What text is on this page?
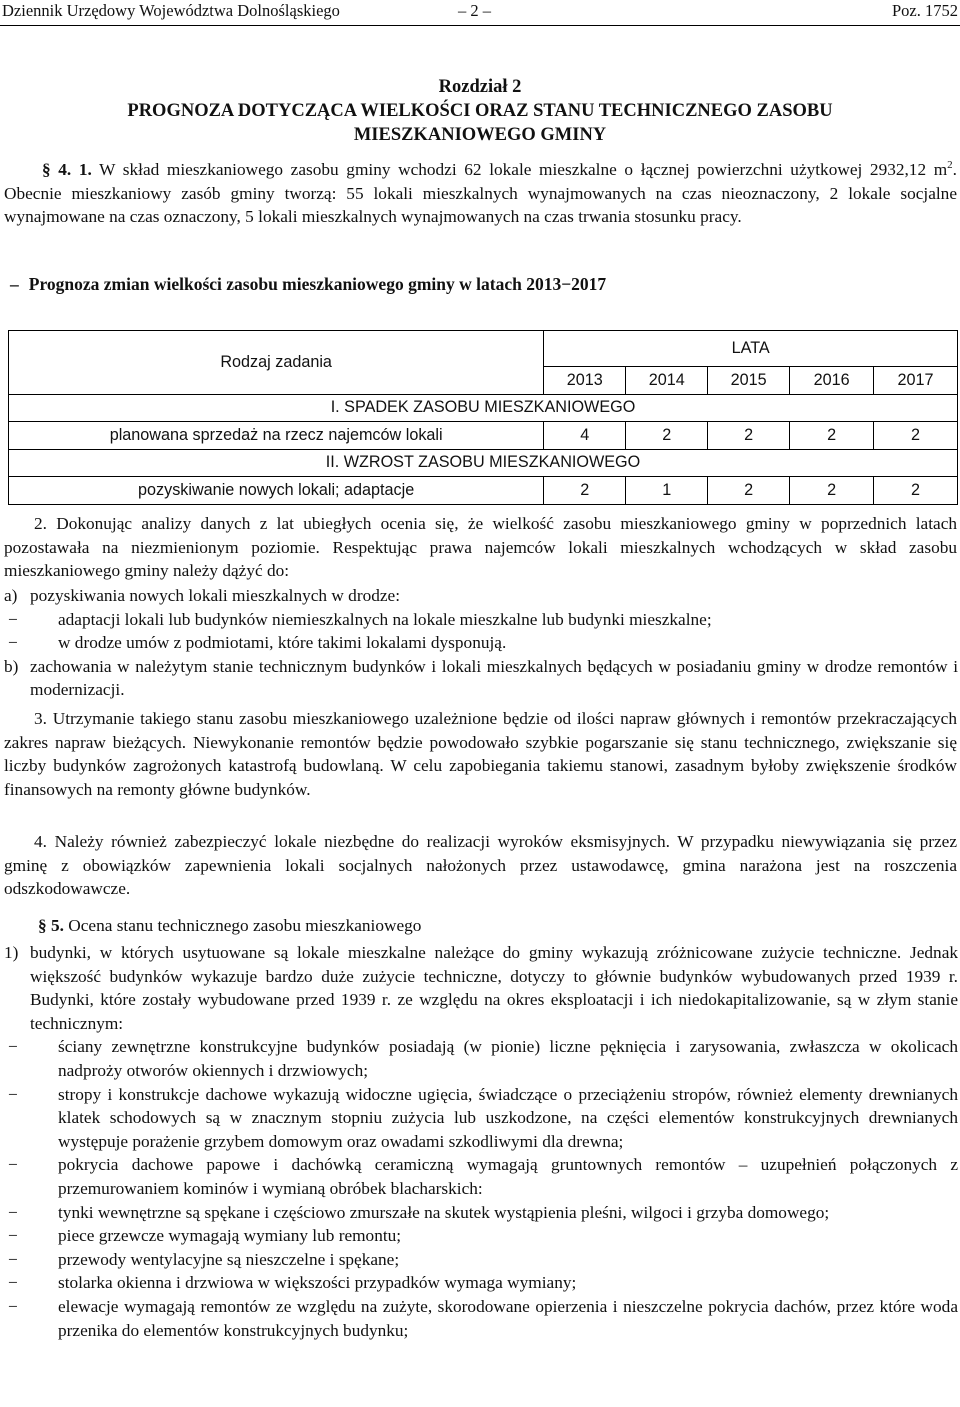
Dziennik Urzędowy Województwa Dolnośląskiego	– 2 –	Poz. 1752
Rozdział 2
PROGNOZA DOTYCZĄCA WIELKOŚCI ORAZ STANU TECHNICZNEGO ZASOBU
MIESZKANIOWEGO GMINY
§ 4. 1. W skład mieszkaniowego zasobu gminy wchodzi 62 lokale mieszkalne o łącznej powierzchni użytkowej 2932,12 $m^2$. Obecnie mieszkaniowy zasób gminy tworzą: 55 lokali mieszkalnych wynajmowanych na czas nieoznaczony, 2 lokale socjalne wynajmowane na czas oznaczony, 5 lokali mieszkalnych wynajmowanych na czas trwania stosunku pracy.
– Prognoza zmian wielkości zasobu mieszkaniowego gminy w latach 2013−2017
Rodzaj zadania	LATA				
	2013	2014	2015	2016	2017
I. SPADEK ZASOBU MIESZKANIOWEGO					
planowana sprzedaż na rzecz najemców lokali	4	2	2	2	2
II. WZROST ZASOBU MIESZKANIOWEGO					
pozyskiwanie nowych lokali; adaptacje	2	1	2	2	2
2. Dokonując analizy danych z lat ubiegłych ocenia się, że wielkość zasobu mieszkaniowego gminy w poprzednich latach pozostawała na niezmienionym poziomie. Respektując prawa najemców lokali mieszkalnych wchodzących w skład zasobu mieszkaniowego gminy należy dążyć do:
a) pozyskiwania nowych lokali mieszkalnych w drodze:
− adaptacji lokali lub budynków niemieszkalnych na lokale mieszkalne lub budynki mieszkalne;
− w drodze umów z podmiotami, które takimi lokalami dysponują.
b) zachowania w należytym stanie technicznym budynków i lokali mieszkalnych będących w posiadaniu gminy w drodze remontów i modernizacji.
3. Utrzymanie takiego stanu zasobu mieszkaniowego uzależnione będzie od ilości napraw głównych i remontów przekraczających zakres napraw bieżących. Niewykonanie remontów będzie powodowało szybkie pogarszanie się stanu technicznego, zwiększanie się liczby budynków zagrożonych katastrofą budowlaną. W celu zapobiegania takiemu stanowi, zasadnym byłoby zwiększenie środków finansowych na remonty główne budynków.
4. Należy również zabezpieczyć lokale niezbędne do realizacji wyroków eksmisyjnych. W przypadku niewywiązania się przez gminę z obowiązków zapewnienia lokali socjalnych nałożonych przez ustawodawcę, gmina narażona jest na roszczenia odszkodowawcze.
§ 5. Ocena stanu technicznego zasobu mieszkaniowego
1) budynki, w których usytuowane są lokale mieszkalne należące do gminy wykazują zróżnicowane zużycie techniczne. Jednak większość budynków wykazuje bardzo duże zużycie techniczne, dotyczy to głównie budynków wybudowanych przed 1939 r. Budynki, które zostały wybudowane przed 1939 r. ze względu na okres eksploatacji i ich niedokapitalizowanie, są w złym stanie technicznym:
− ściany zewnętrzne konstrukcyjne budynków posiadają (w pionie) liczne pęknięcia i zarysowania, zwłaszcza w okolicach nadproży otworów okiennych i drzwiowych;
− stropy i konstrukcje dachowe wykazują widoczne ugięcia, świadczące o przeciążeniu stropów, również elementy drewnianych klatek schodowych są w znacznym stopniu zużycia lub uszkodzone, na części elementów konstrukcyjnych drewnianych występuje porażenie grzybem domowym oraz owadami szkodliwymi dla drewna;
− pokrycia dachowe papowe i dachówką ceramiczną wymagają gruntownych remontów – uzupełnień połączonych z przemurowaniem kominów i wymianą obróbek blacharskich:
− tynki wewnętrzne są spękane i częściowo zmurszałe na skutek wystąpienia pleśni, wilgoci i grzyba domowego;
− piece grzewcze wymagają wymiany lub remontu;
− przewody wentylacyjne są nieszczelne i spękane;
− stolarka okienna i drzwiowa w większości przypadków wymaga wymiany;
− elewacje wymagają remontów ze względu na zużyte, skorodowane opierzenia i nieszczelne pokrycia dachów, przez które woda przenika do elementów konstrukcyjnych budynku;
